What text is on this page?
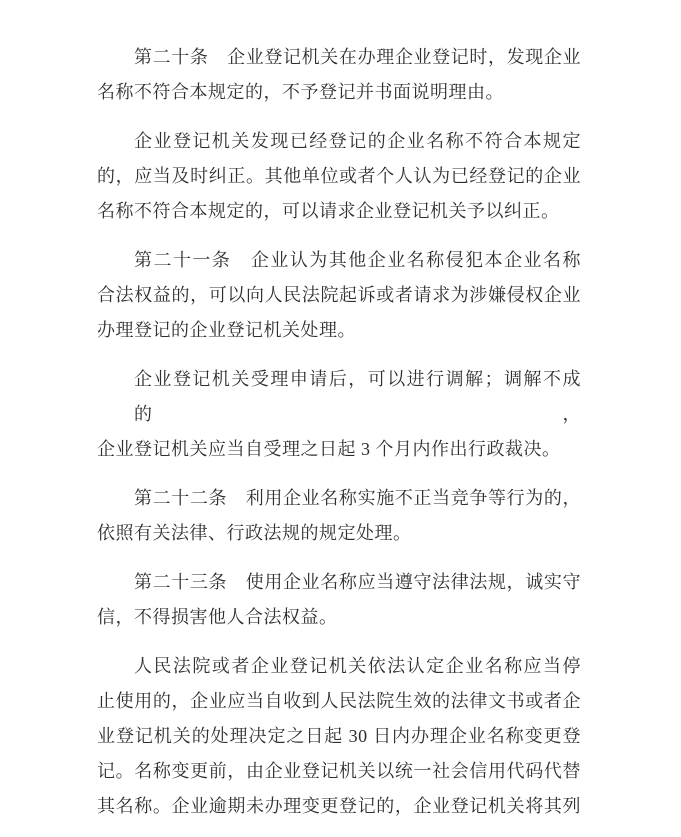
第二十条　企业登记机关在办理企业登记时，发现企业
名称不符合本规定的，不予登记并书面说明理由。

企业登记机关发现已经登记的企业名称不符合本规定
的，应当及时纠正。其他单位或者个人认为已经登记的企业
名称不符合本规定的，可以请求企业登记机关予以纠正。

第二十一条　企业认为其他企业名称侵犯本企业名称
合法权益的，可以向人民法院起诉或者请求为涉嫌侵权企业
办理登记的企业登记机关处理。

企业登记机关受理申请后，可以进行调解；调解不成的，
企业登记机关应当自受理之日起 3 个月内作出行政裁决。

第二十二条　利用企业名称实施不正当竞争等行为的，
依照有关法律、行政法规的规定处理。

第二十三条　使用企业名称应当遵守法律法规，诚实守
信，不得损害他人合法权益。

人民法院或者企业登记机关依法认定企业名称应当停
止使用的，企业应当自收到人民法院生效的法律文书或者企
业登记机关的处理决定之日起 30 日内办理企业名称变更登
记。名称变更前，由企业登记机关以统一社会信用代码代替
其名称。企业逾期未办理变更登记的，企业登记机关将其列
